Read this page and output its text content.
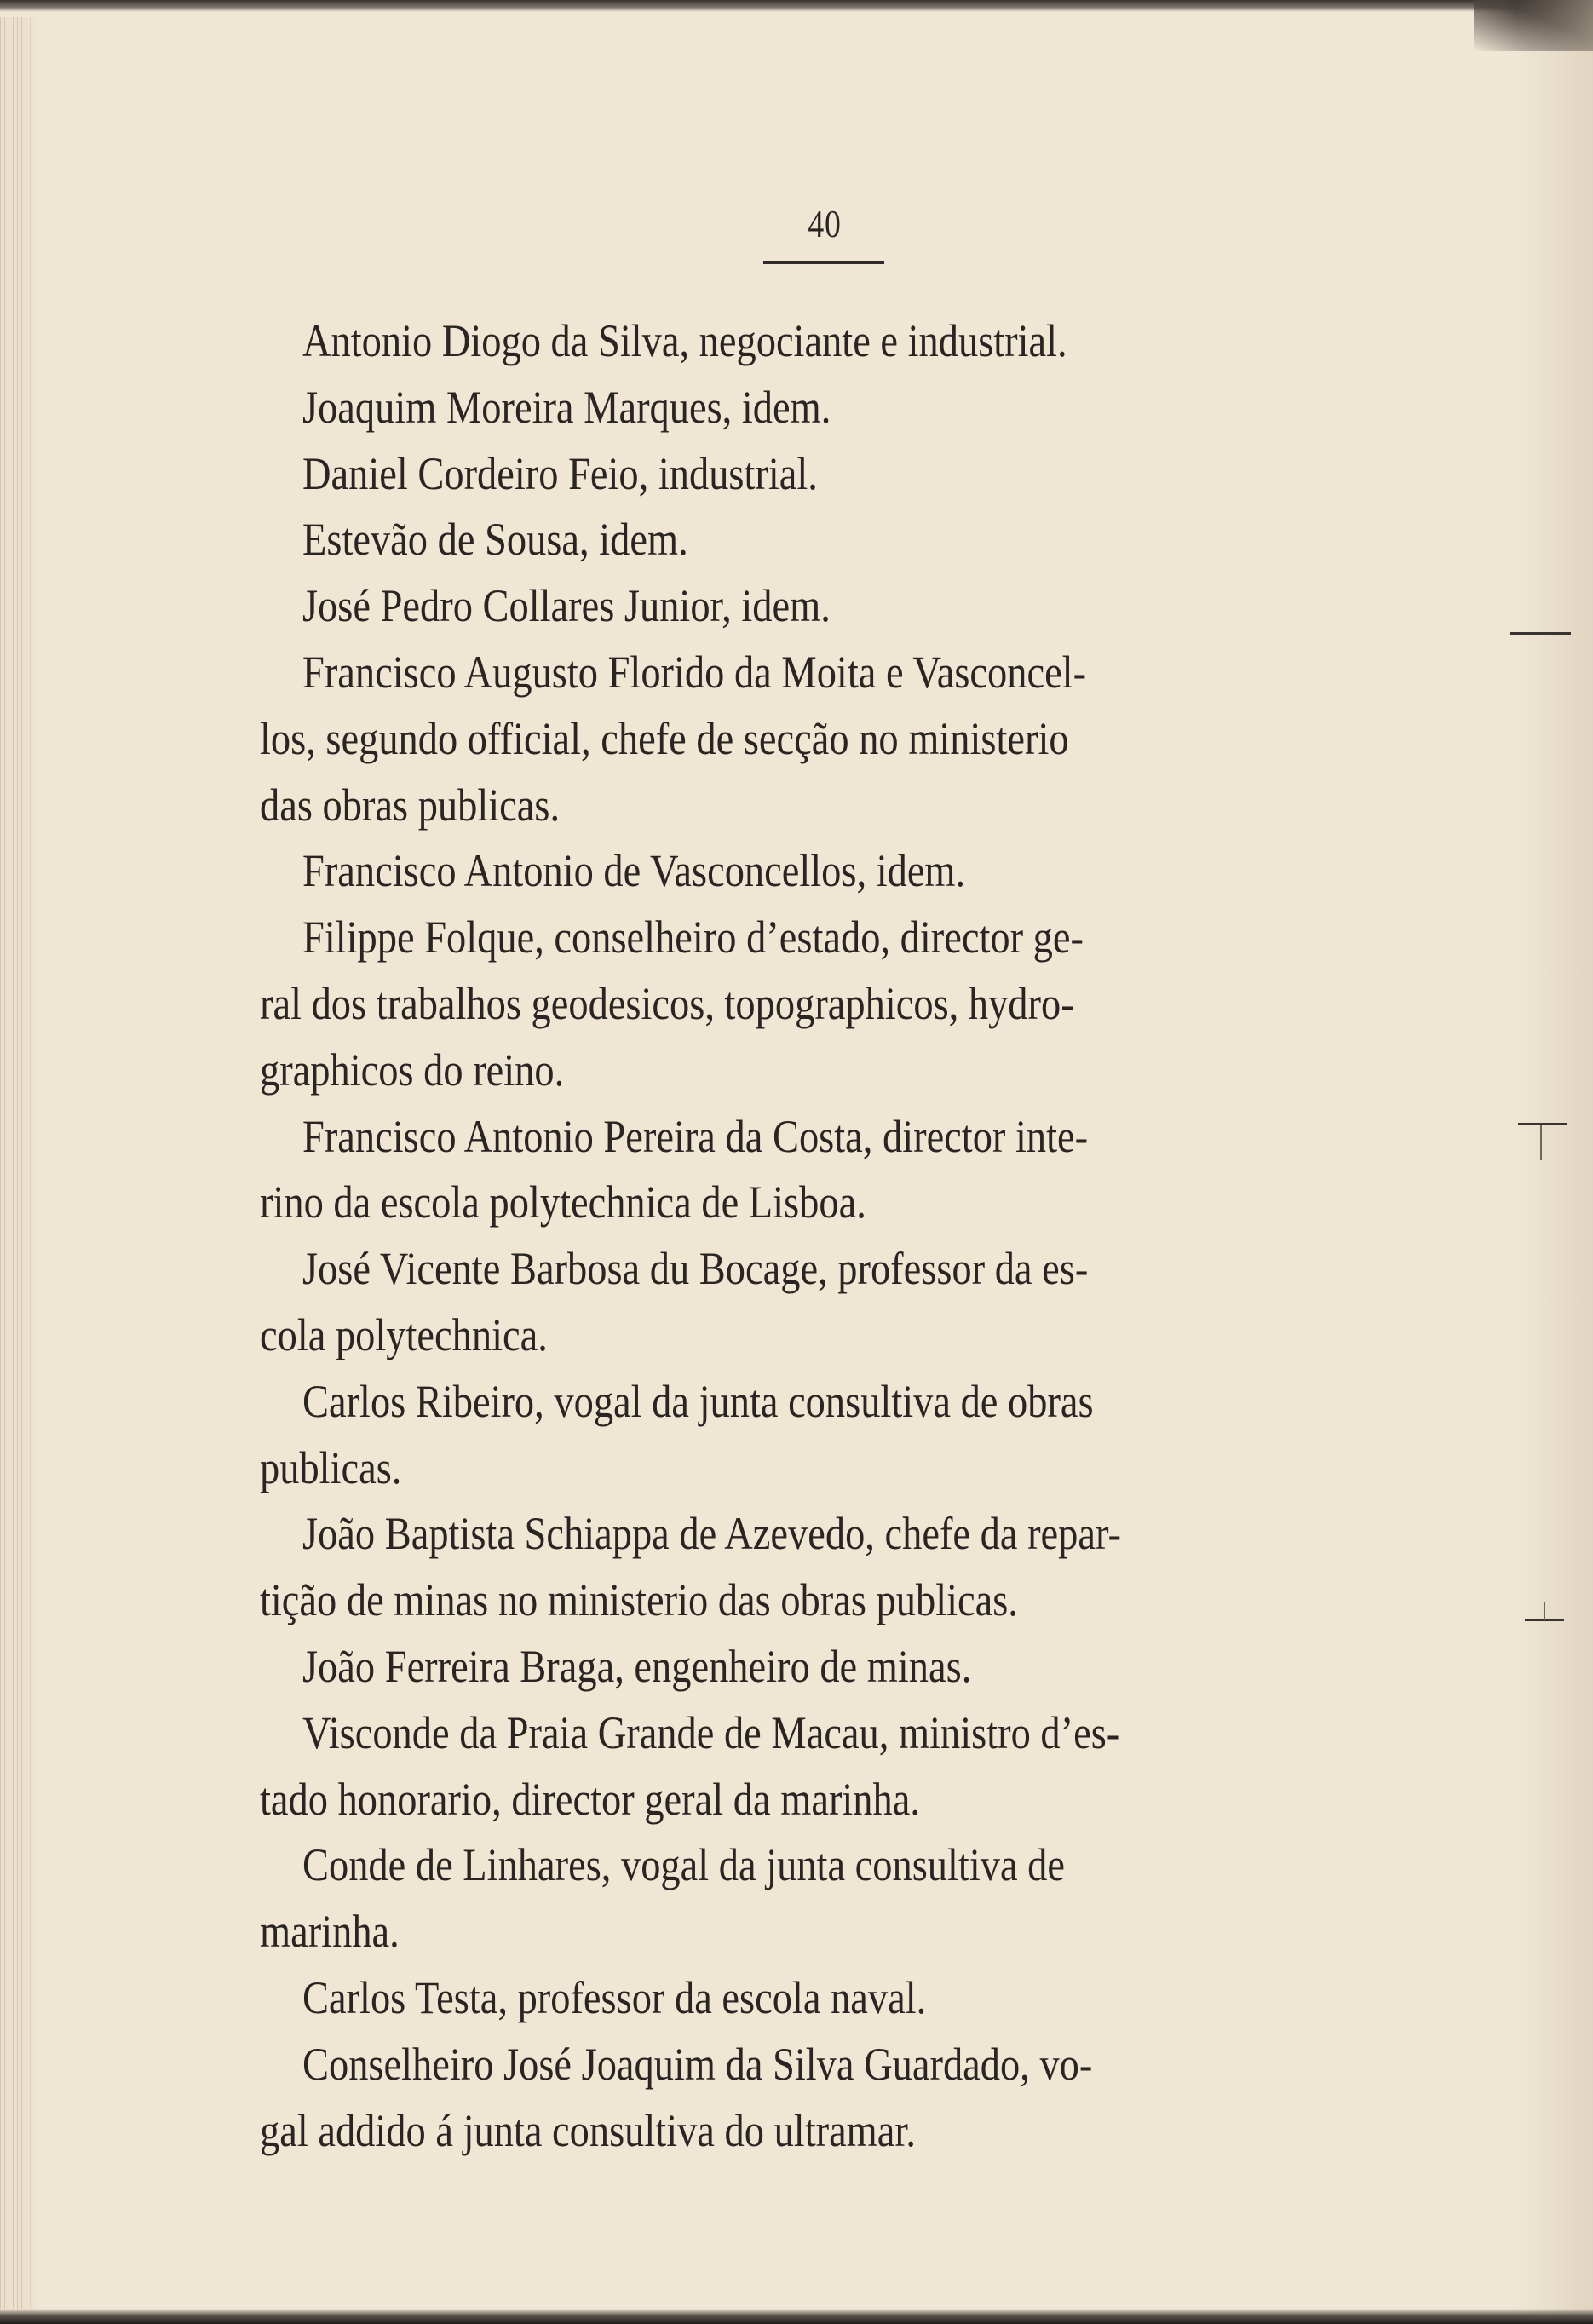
40
Antonio Diogo da Silva, negociante e industrial.
Joaquim Moreira Marques, idem.
Daniel Cordeiro Feio, industrial.
Estevão de Sousa, idem.
José Pedro Collares Junior, idem.
Francisco Augusto Florido da Moita e Vasconcel-
los, segundo official, chefe de secção no ministerio
das obras publicas.
Francisco Antonio de Vasconcellos, idem.
Filippe Folque, conselheiro d’estado, director ge-
ral dos trabalhos geodesicos, topographicos, hydro-
graphicos do reino.
Francisco Antonio Pereira da Costa, director inte-
rino da escola polytechnica de Lisboa.
José Vicente Barbosa du Bocage, professor da es-
cola polytechnica.
Carlos Ribeiro, vogal da junta consultiva de obras
publicas.
João Baptista Schiappa de Azevedo, chefe da repar-
tição de minas no ministerio das obras publicas.
João Ferreira Braga, engenheiro de minas.
Visconde da Praia Grande de Macau, ministro d’es-
tado honorario, director geral da marinha.
Conde de Linhares, vogal da junta consultiva de
marinha.
Carlos Testa, professor da escola naval.
Conselheiro José Joaquim da Silva Guardado, vo-
gal addido á junta consultiva do ultramar.
